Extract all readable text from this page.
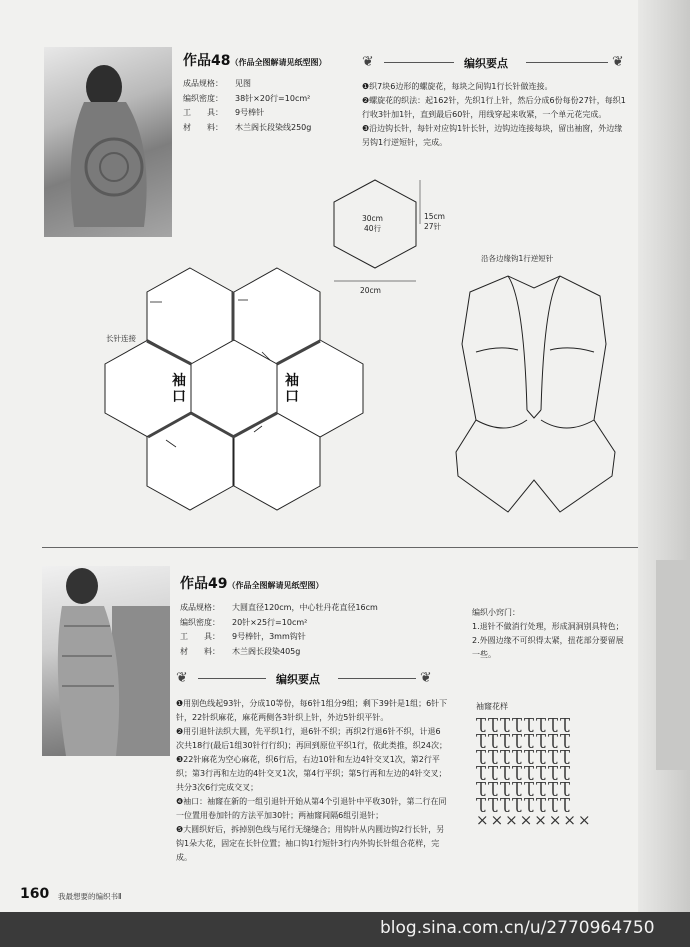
作品48（作品全图解请见纸型图）
成品规格： 见图
编织密度： 38针×20行=10cm²
工　　具： 9号棒针
材　　料： 木兰阁长段染线250g
❦	编织要点	❦

❶织7块6边形的螺旋花，每块之间钩1行长针做连接。

❷螺旋花的织法：起162针，先织1行上针，然后分成6份每份27针，每织1行收3针加1针，直到最后60针，用线穿起来收紧，一个单元花完成。

❸沿边钩长针，每针对应钩1针长针，边钩边连接每块，留出袖窗，外边缘另钩1行逆短针，完成。

30cm
40行
15cm
27针
20cm
沿各边缘钩1行逆短针
长针连接
袖
口
袖
口
作品49（作品全图解请见纸型图）
成品规格： 大圆直径120cm，中心牡丹花直径16cm
编织密度： 20针×25行=10cm²
工　　具： 9号棒针，3mm钩针
材　　料： 木兰阁长段染405g
❦	编织要点	❦

❶用别色线起93针，分成10等份，每6针1组分9组；剩下39针是1组；6针下针，22针织麻花，麻花两侧各3针织上针，外边5针织平针。

❷用引退针法织大圆，先平织1行，退6针不织；再织2行退6针不织，计退6次共18行(最后1组30针行行织)；再回到原位平织1行，依此类推，织24次；

❸22针麻花为空心麻花，织6行后，右边10针和左边4针交叉1次，第2行平织；第3行再和左边的4针交叉1次，第4行平织；第5行再和左边的4针交叉；共分3次6行完成交叉；

❹袖口：袖窿在新的一组引退针开始从第4个引退针中平收30针，第二行在同一位置用卷加针的方法平加30针；两袖窿间隔6组引退针；

❺大圆织好后，拆掉别色线与尾行无缝缝合；用钩针从内圆边钩2行长针，另钩1朵大花，固定在长针位置；袖口钩1行短针3行内外钩长针组合花样，完成。

编织小窍门：

1.退针不做消行处理，形成洞洞别具特色；

2.外圆边缘不可织得太紧，扭花部分要留展一些。

袖窿花样
ƮƮƮƮƮƮƮƮ
ƮƮƮƮƮƮƮƮ
ƮƮƮƮƮƮƮƮ
ƮƮƮƮƮƮƮƮ
ƮƮƮƮƮƮƮƮ
ƮƮƮƮƮƮƮƮ
××××××××
160 我最想要的编织书Ⅱ
blog.sina.com.cn/u/2770964750
